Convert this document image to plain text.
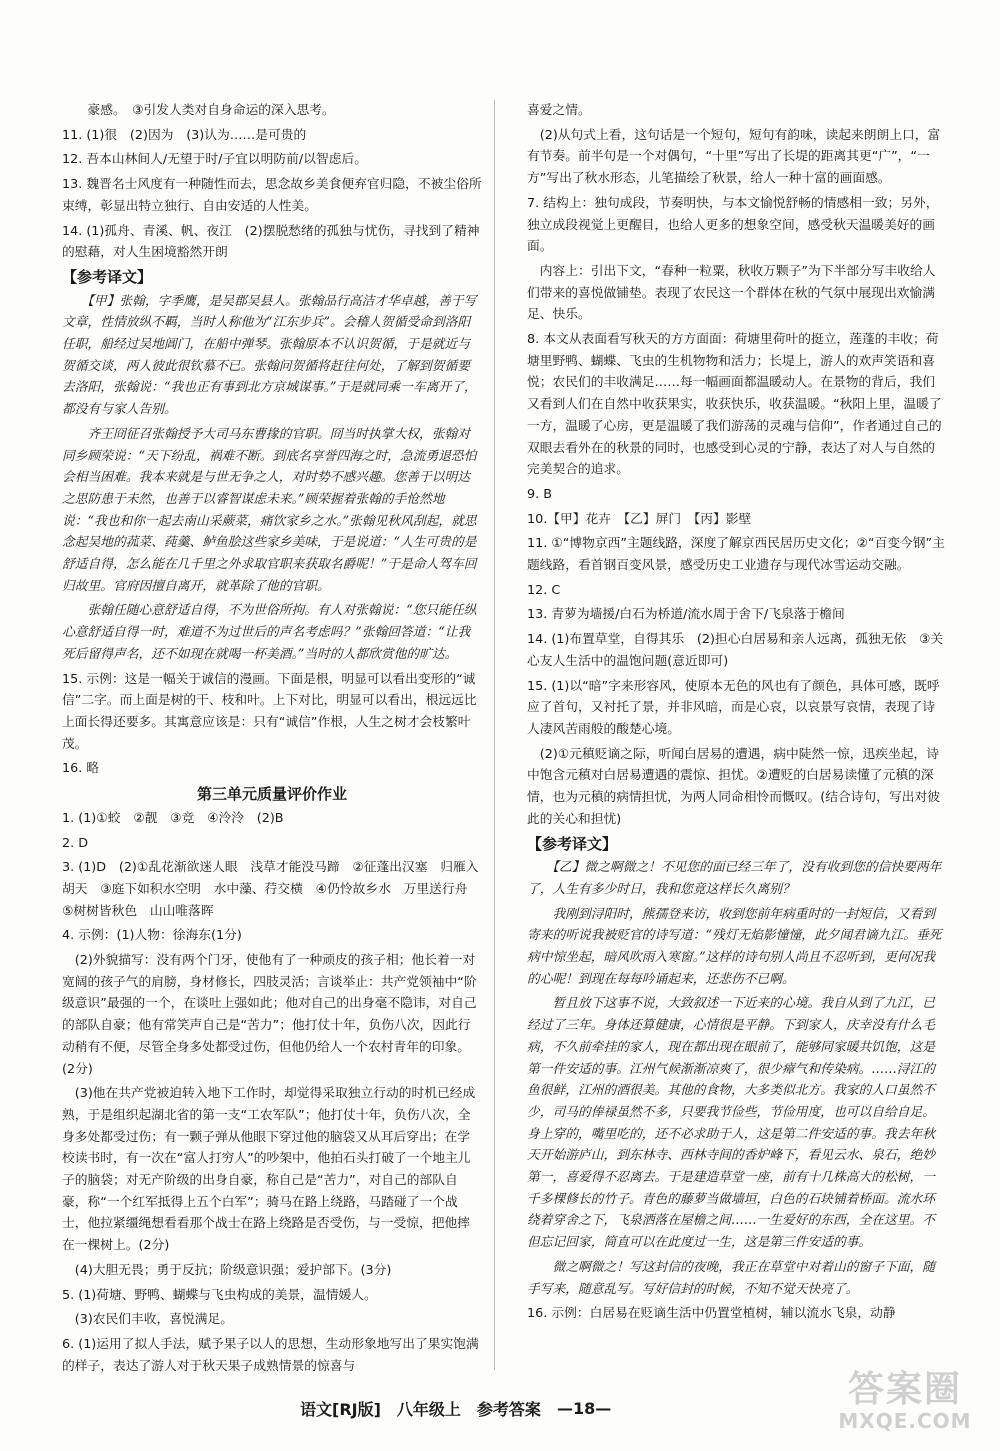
　　豪感。　③引发人类对自身命运的深入思考。
11. (1)很　(2)因为　(3)认为……是可贵的
12. 吾本山林间人/无望于时/子宜以明防前/以智虑后。
13. 魏晋名士风度有一种随性而去，思念故乡美食便弃官归隐，不被尘俗所束缚，彰显出特立独行、自由安适的人性美。
14. (1)孤舟、青溪、帆、夜江　(2)摆脱愁绪的孤独与忧伤，寻找到了精神的慰藉，对人生困境豁然开朗
【参考译文】
　　【甲】张翰，字季鹰，是吴郡吴县人。张翰品行高洁才华卓越，善于写文章，性情放纵不羁，当时人称他为“江东步兵”。会稽人贺循受命到洛阳任职，船经过吴地阊门，在船中弹琴。张翰原本不认识贺循，于是就近与贺循交谈，两人彼此很钦慕不已。张翰问贺循将赶往何处，了解到贺循要去洛阳，张翰说：“我也正有事到北方京城谋事。”于是就同乘一车离开了，都没有与家人告别。
　　齐王冏征召张翰授予大司马东曹掾的官职。冏当时执掌大权，张翰对同乡顾荣说：“天下纷乱，祸难不断。到底名享誉四海之时，急流勇退恐怕会相当困难。我本来就是与世无争之人，对时势不感兴趣。您善于以明达之思防患于未然，也善于以睿智谋虑未来。”顾荣握着张翰的手怆然地说：“我也和你一起去南山采蕨菜，痛饮家乡之水。”张翰见秋风刮起，就思念起吴地的菰菜、莼羹、鲈鱼脍这些家乡美味，于是说道：“人生可贵的是舒适自得，怎么能在几千里之外求取官职来获取名爵呢！”于是命人驾车回归故里。官府因擅自离开，就革除了他的官职。
　　张翰任随心意舒适自得，不为世俗所拘。有人对张翰说：“您只能任纵心意舒适自得一时，难道不为过世后的声名考虑吗？”张翰回答道：“让我死后留得声名，还不如现在就喝一杯美酒。”当时的人都欣赏他的旷达。
15. 示例：这是一幅关于诚信的漫画。下面是根，明显可以看出变形的“诚信”二字。而上面是树的干、枝和叶。上下对比，明显可以看出，根远远比上面长得还要多。其寓意应该是：只有“诚信”作根，人生之树才会枝繁叶茂。
16. 略
第三单元质量评价作业
1. (1)①蛟　②靓　③竞　④泠泠　(2)B
2. D
3. (1)D　(2)①乱花渐欲迷人眼　浅草才能没马蹄　②征蓬出汉塞　归雁入胡天　③庭下如积水空明　水中藻、荇交横　④仍怜故乡水　万里送行舟　⑤树树皆秋色　山山唯落晖
4. 示例：(1)人物：徐海东(1分)
　(2)外貌描写：没有两个门牙，使他有了一种顽皮的孩子相；他长着一对宽阔的孩子气的肩膀，身材修长，四肢灵活；言谈举止：共产党领袖中“阶级意识”最强的一个，在谈吐上强如此；他对自己的出身毫不隐讳，对自己的部队自豪；他有常笑声自己是“苦力”；他打仗十年，负伤八次，因此行动稍有不便，尽管全身多处都受过伤，但他仍给人一个农村青年的印象。(2分)
　(3)他在共产党被迫转入地下工作时，却觉得采取独立行动的时机已经成熟，于是组织起湖北省的第一支“工农军队”；他打仗十年，负伤八次，全身多处都受过伤；有一颗子弹从他眼下穿过他的脑袋又从耳后穿出；在学校读书时，有一次在“富人打穷人”的吵架中，他拍石头打破了一个地主儿子的脑袋；对无产阶级的出身自豪，称自己是“苦力”，对自己的部队自豪，称“一个红军抵得上五个白军”；骑马在路上绕路，马踏碰了一个战士，他拉紧缰绳想看看那个战士在路上绕路是否受伤，与一受惊，把他摔在一棵树上。(2分)
　(4)大胆无畏；勇于反抗；阶级意识强；爱护部下。(3分)
5. (1)荷塘、野鸭、蝴蝶与飞虫构成的美景，温情媛人。
　(3)农民们丰收，喜悦满足。
6. (1)运用了拟人手法，赋予果子以人的思想，生动形象地写出了果实饱满的样子，表达了游人对于秋天果子成熟情景的惊喜与
喜爱之情。
　(2)从句式上看，这句话是一个短句，短句有韵味，读起来朗朗上口，富有节奏。前半句是一个对偶句，“十里”写出了长堤的距离其更“广”，“一方”写出了秋水形态，儿笔描绘了秋景，给人一种十富的画面感。
7. 结构上：独句成段，节奏明快，与本文愉悦舒畅的情感相一致；另外，独立成段视觉上更醒目，也给人更多的想象空间，感受秋天温暖美好的画面。
　内容上：引出下文，“春种一粒粟，秋收万颗子”为下半部分写丰收给人们带来的喜悦做铺垫。表现了农民这一个群体在秋的气氛中展现出欢愉满足、快乐。
8. 本文从表面看写秋天的方方面面：荷塘里荷叶的挺立，莲蓬的丰收；荷塘里野鸭、蝴蝶、飞虫的生机物物和活力；长堤上，游人的欢声笑语和喜悦；农民们的丰收满足……每一幅画面都温暖动人。在景物的背后，我们又看到人们在自然中收获果实，收获快乐，收获温暖。“秋阳上里，温暖了一方，温暖了心房，更是温暖了我们游荡的灵魂与信仰”，作者通过自己的双眼去看外在的秋景的同时，也感受到心灵的宁静，表达了对人与自然的完美契合的追求。
9. B
10.【甲】花卉　【乙】屏门　【丙】影壁
11. ①“博物京西”主题线路，深度了解京西民居历史文化；②“百变今钢”主题线路，看首钢百变风景，感受历史工业遗存与现代冰雪运动交融。
12. C
13. 青萝为墙援/白石为桥道/流水周于舍下/飞泉落于檐间
14. (1)布置草堂，自得其乐　(2)担心白居易和亲人远离，孤独无依　③关心友人生活中的温饱问题(意近即可)
15. (1)以“暗”字来形容风，使原本无色的风也有了颜色，具体可感，既呼应了首句，又衬托了景，并非风暗，而是心哀，以哀景写哀情，表现了诗人凄风苦雨般的酸楚心境。
　(2)①元稹贬谪之际，听闻白居易的遭遇，病中陡然一惊，迅疾坐起，诗中饱含元稹对白居易遭遇的震惊、担忧。②遭贬的白居易读懂了元稹的深情，也为元稹的病情担忧，为两人同命相怜而慨叹。(结合诗句，写出对彼此的关心和担忧)
【参考译文】
　　【乙】微之啊微之！不见您的面已经三年了，没有收到您的信快要两年了，人生有多少时日，我和您竟这样长久离别？
　　我刚到浔阳时，熊孺登来访，收到您前年病重时的一封短信，又看到寄来的听说我被贬官的诗写道：“残灯无焰影憧憧，此夕闻君谪九江。垂死病中惊坐起，暗风吹雨入寒窗。”这样的诗句别人尚且不忍听到，更何况我的心呢！到现在每每吟诵起来，还悲伤不已啊。
　　暂且放下这事不说，大致叙述一下近来的心境。我自从到了九江，已经过了三年。身体还算健康，心情很是平静。下到家人，庆幸没有什么毛病，不久前牵挂的家人，现在都出现在眼前了，能够同家暖共饥饱，这是第一件安适的事。江州气候渐渐凉爽了，很少瘴气和传染病。……浔江的鱼很鲜，江州的酒很美。其他的食物，大多类似北方。我家的人口虽然不少，司马的俸禄虽然不多，只要我节俭些，节俭用度，也可以自给自足。身上穿的，嘴里吃的，还不必求助于人，这是第二件安适的事。我去年秋天开始游庐山，到东林寺、西林寺间的香炉峰下，看见云水、泉石，绝妙第一，喜爱得不忍离去。于是建造草堂一座，前有十几株高大的松树，一千多棵修长的竹子。青色的藤萝当做墙垣，白色的石块铺着桥面。流水环绕着穿舍之下，飞泉洒落在屋檐之间……一生爱好的东西，全在这里。不但忘记回家，简直可以在此度过一生，这是第三件安适的事。
　　微之啊微之！写这封信的夜晚，我正在草堂中对着山的窗子下面，随手写来，随意乱写。写好信封的时候，不知不觉天快亮了。
16. 示例：白居易在贬谪生活中仍置堂植树，辅以流水飞泉，动静
语文[RJ版] 八年级上 参考答案 —18—	答案圈
MXQE.COM
